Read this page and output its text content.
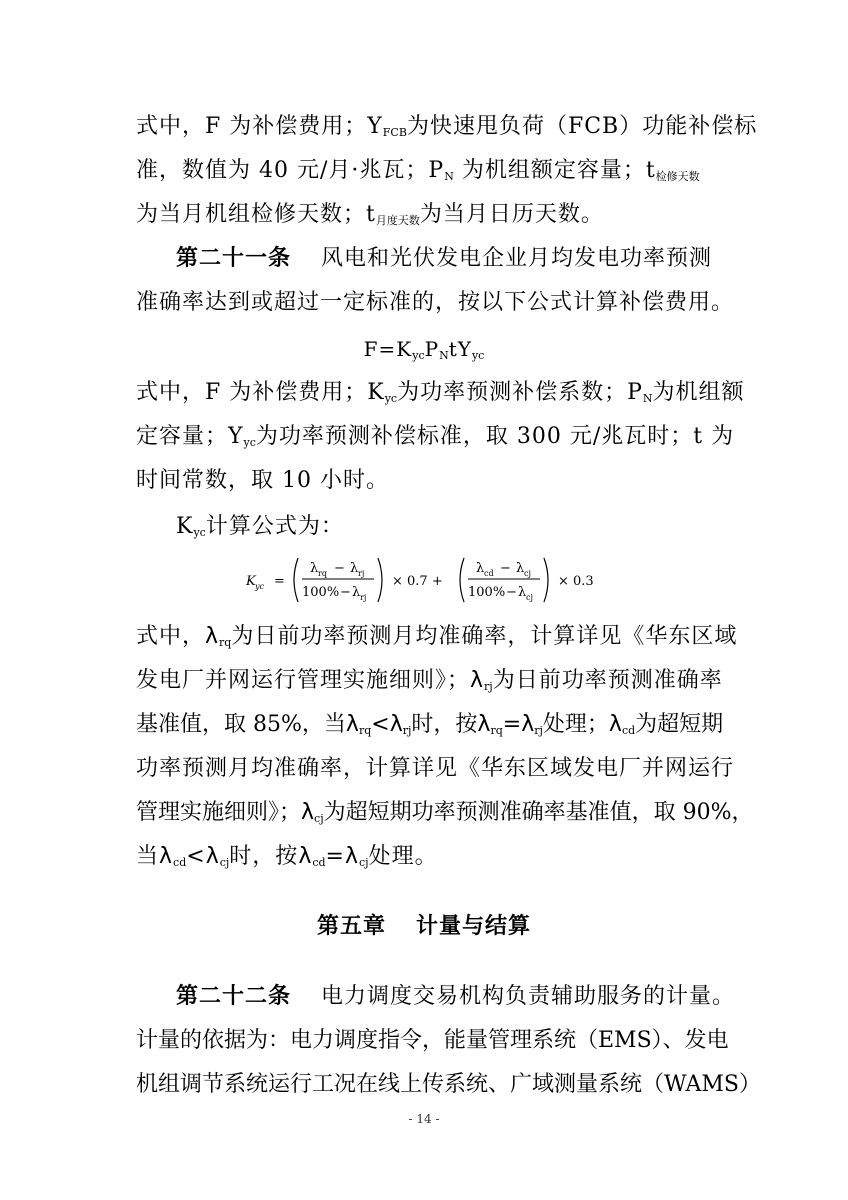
式中，F 为补偿费用；$Y_{FCB}$为快速甩负荷（FCB）功能补偿标
准，数值为 40 元/月·兆瓦；$P_N$ 为机组额定容量；$t_{检修天数}$
为当月机组检修天数；$t_{月度天数}$为当月日历天数。
第二十一条 风电和光伏发电企业月均发电功率预测
准确率达到或超过一定标准的，按以下公式计算补偿费用。
$F=K_{yc}P_NtY_{yc}$
式中，F 为补偿费用；$K_{yc}$为功率预测补偿系数；$P_N$为机组额
定容量；$Y_{yc}$为功率预测补偿标准，取 300 元/兆瓦时；t 为
时间常数，取 10 小时。
$K_{yc}$计算公式为：
K yc =
λ rq − λ rj
100% − λ rj
× 0.7 +
λ cd − λ cj
100% − λ cj
× 0.3
式中，$\lambda_{rq}$为日前功率预测月均准确率，计算详见《华东区域
发电厂并网运行管理实施细则》；$\lambda_{rj}$为日前功率预测准确率
基准值，取 85%，当$\lambda_{rq}<\lambda_{rj}$时，按$\lambda_{rq}=\lambda_{rj}$处理；$\lambda_{cd}$为超短期
功率预测月均准确率，计算详见《华东区域发电厂并网运行
管理实施细则》；$\lambda_{cj}$为超短期功率预测准确率基准值，取 90%，
当$\lambda_{cd}<\lambda_{cj}$时，按$\lambda_{cd}=\lambda_{cj}$处理。
第五章 计量与结算
第二十二条 电力调度交易机构负责辅助服务的计量。
计量的依据为：电力调度指令，能量管理系统（EMS）、发电
机组调节系统运行工况在线上传系统、广域测量系统（WAMS）
- 14 -
